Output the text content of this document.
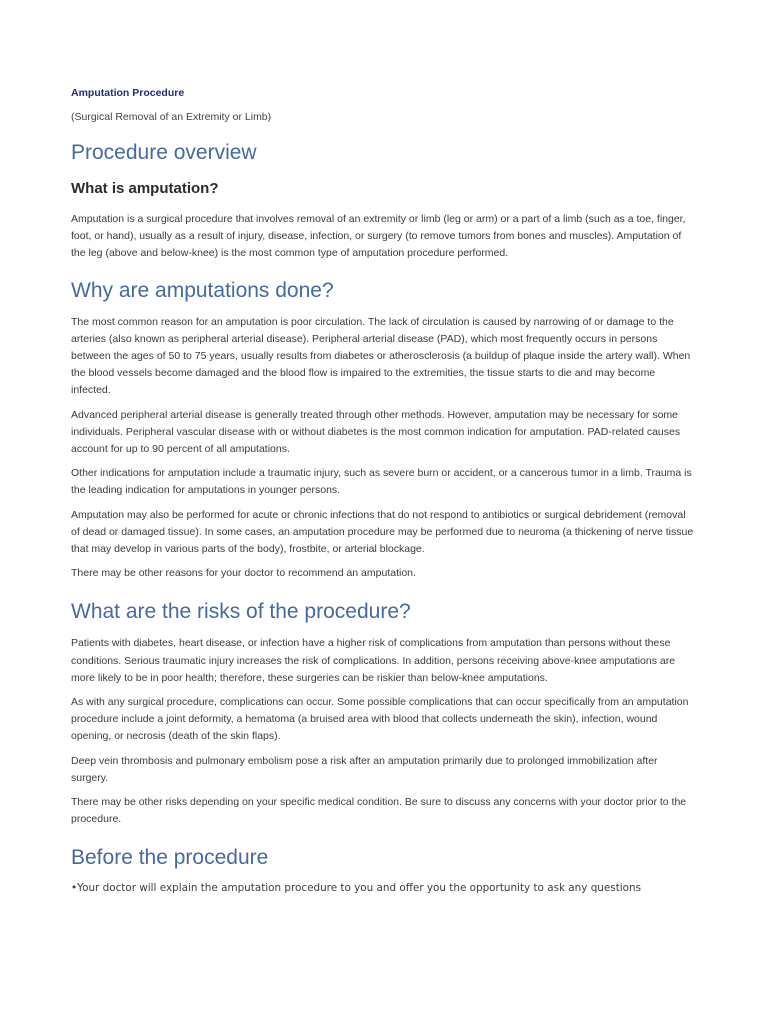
Amputation Procedure

(Surgical Removal of an Extremity or Limb)

Procedure overview
What is amputation?

Amputation is a surgical procedure that involves removal of an extremity or limb (leg or arm) or a part of a limb (such as a toe, finger, foot, or hand), usually as a result of injury, disease, infection, or surgery (to remove tumors from bones and muscles). Amputation of the leg (above and below-knee) is the most common type of amputation procedure performed.

Why are amputations done?

The most common reason for an amputation is poor circulation. The lack of circulation is caused by narrowing of or damage to the arteries (also known as peripheral arterial disease). Peripheral arterial disease (PAD), which most frequently occurs in persons between the ages of 50 to 75 years, usually results from diabetes or atherosclerosis (a buildup of plaque inside the artery wall). When the blood vessels become damaged and the blood flow is impaired to the extremities, the tissue starts to die and may become infected.

Advanced peripheral arterial disease is generally treated through other methods. However, amputation may be necessary for some individuals. Peripheral vascular disease with or without diabetes is the most common indication for amputation. PAD-related causes account for up to 90 percent of all amputations.

Other indications for amputation include a traumatic injury, such as severe burn or accident, or a cancerous tumor in a limb. Trauma is the leading indication for amputations in younger persons.

Amputation may also be performed for acute or chronic infections that do not respond to antibiotics or surgical debridement (removal of dead or damaged tissue). In some cases, an amputation procedure may be performed due to neuroma (a thickening of nerve tissue that may develop in various parts of the body), frostbite, or arterial blockage.

There may be other reasons for your doctor to recommend an amputation.

What are the risks of the procedure?

Patients with diabetes, heart disease, or infection have a higher risk of complications from amputation than persons without these conditions. Serious traumatic injury increases the risk of complications. In addition, persons receiving above-knee amputations are more likely to be in poor health; therefore, these surgeries can be riskier than below-knee amputations.

As with any surgical procedure, complications can occur. Some possible complications that can occur specifically from an amputation procedure include a joint deformity, a hematoma (a bruised area with blood that collects underneath the skin), infection, wound opening, or necrosis (death of the skin flaps).

Deep vein thrombosis and pulmonary embolism pose a risk after an amputation primarily due to prolonged immobilization after surgery.

There may be other risks depending on your specific medical condition. Be sure to discuss any concerns with your doctor prior to the procedure.

Before the procedure

•Your doctor will explain the amputation procedure to you and offer you the opportunity to ask any questions
